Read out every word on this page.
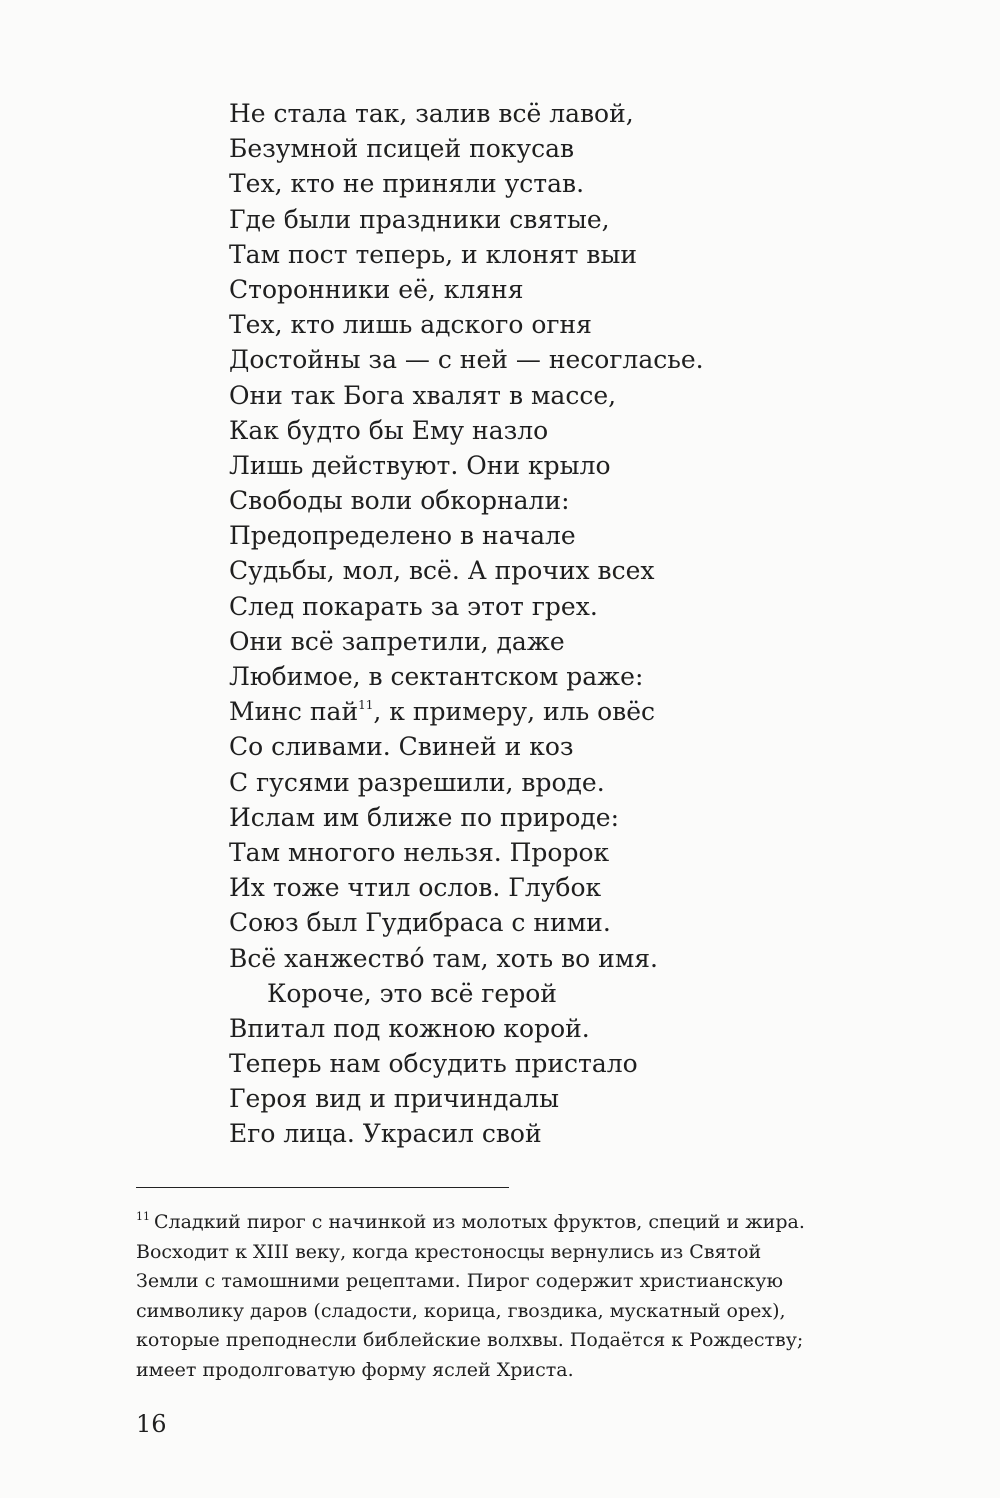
Не стала так, залив всё лавой,
Безумной псицей покусав
Тех, кто не приняли устав.
Где были праздники святые,
Там пост теперь, и клонят выи
Сторонники её, кляня
Тех, кто лишь адского огня
Достойны за — с ней — несогласье.
Они так Бога хвалят в массе,
Как будто бы Ему назло
Лишь действуют. Они крыло
Свободы воли обкорнали:
Предопределено в начале
Судьбы, мол, всё. А прочих всех
След покарать за этот грех.
Они всё запретили, даже
Любимое, в сектантском раже:
Минс пай$^{11}$, к примеру, иль овёс
Со сливами. Свиней и коз
С гусями разрешили, вроде.
Ислам им ближе по природе:
Там многого нельзя. Пророк
Их тоже чтил ослов. Глубок
Союз был Гудибраса с ними.
Всё ханжество́ там, хоть во имя.
Короче, это всё герой
Впитал под кожною корой.
Теперь нам обсудить пристало
Героя вид и причиндалы
Его лица. Украсил свой
$^{11}$ Сладкий пирог с начинкой из молотых фруктов, специй и жира.
Восходит к XIII веку, когда крестоносцы вернулись из Святой
Земли с тамошними рецептами. Пирог содержит христианскую
символику даров (сладости, корица, гвоздика, мускатный орех),
которые преподнесли библейские волхвы. Подаётся к Рождеству;
имеет продолговатую форму яслей Христа.
16
